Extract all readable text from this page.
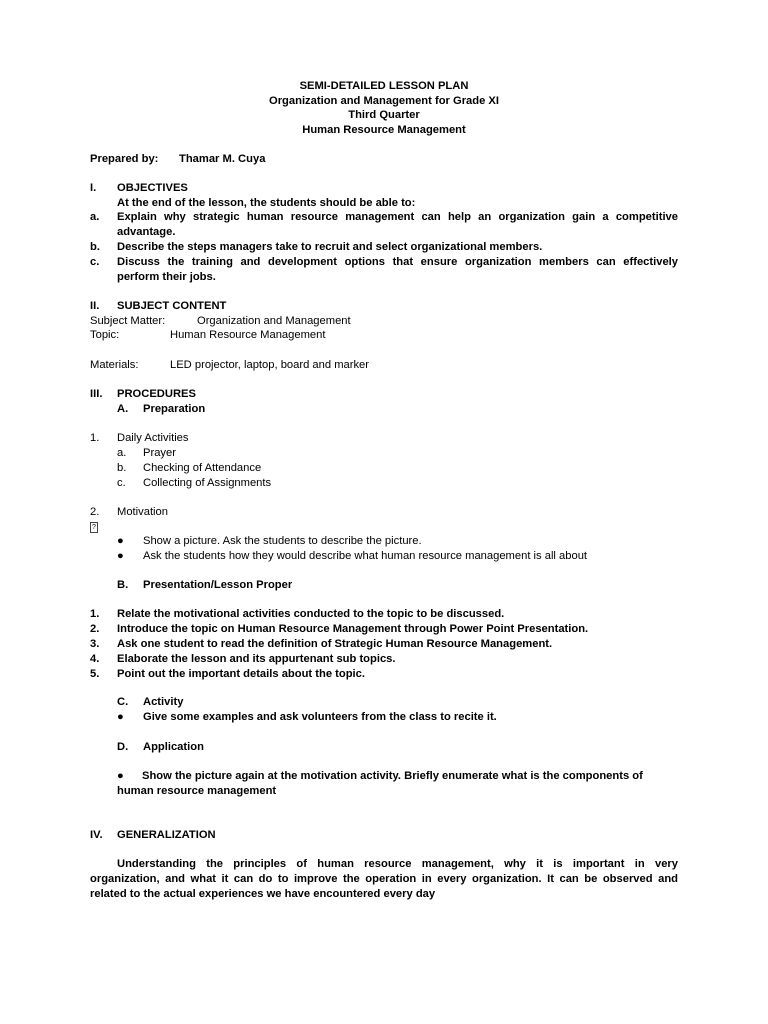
SEMI-DETAILED LESSON PLAN
Organization and Management for Grade XI
Third Quarter
Human Resource Management
Prepared by: Thamar M. Cuya
I. OBJECTIVES
At the end of the lesson, the students should be able to:
a. Explain why strategic human resource management can help an organization gain a competitive
advantage.
b. Describe the steps managers take to recruit and select organizational members.
c. Discuss the training and development options that ensure organization members can effectively
perform their jobs.
II. SUBJECT CONTENT
Subject Matter:	Organization and Management
Topic:	Human Resource Management
Materials:	LED projector, laptop, board and marker
III. PROCEDURES
A. Preparation
1. Daily Activities
a. Prayer
b. Checking of Attendance
c. Collecting of Assignments
2. Motivation
?
● Show a picture. Ask the students to describe the picture.
● Ask the students how they would describe what human resource management is all about
B. Presentation/Lesson Proper
1. Relate the motivational activities conducted to the topic to be discussed.
2. Introduce the topic on Human Resource Management through Power Point Presentation.
3. Ask one student to read the definition of Strategic Human Resource Management.
4. Elaborate the lesson and its appurtenant sub topics.
5. Point out the important details about the topic.
C. Activity
● Give some examples and ask volunteers from the class to recite it.
D. Application
● Show the picture again at the motivation activity. Briefly enumerate what is the components of
human resource management
IV. GENERALIZATION
Understanding the principles of human resource management, why it is important in very
organization, and what it can do to improve the operation in every organization. It can be observed and
related to the actual experiences we have encountered every day
